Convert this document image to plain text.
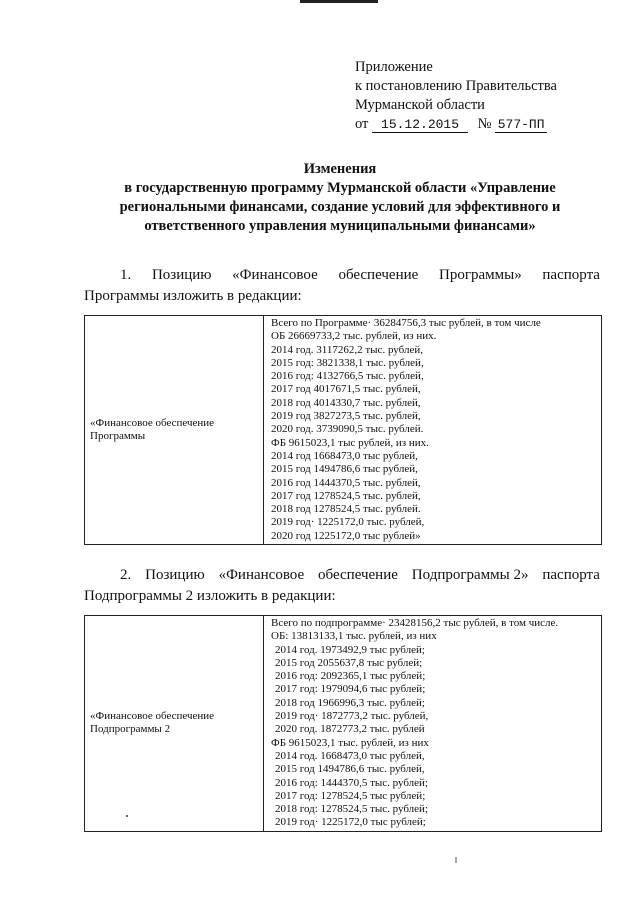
Приложение
к постановлению Правительства
Мурманской области
от 15.12.2015 № 577-ПП
Изменения
в государственную программу Мурманской области «Управление
региональными финансами, создание условий для эффективного и
ответственного управления муниципальными финансами»
1. Позицию «Финансовое обеспечение Программы» паспорта
Программы изложить в редакции:
«Финансовое обеспечение
Программы

Всего по Программе· 36284756,3 тыс рублей, в том числе
ОБ 26669733,2 тыс. рублей, из них.
2014 год. 3117262,2 тыс. рублей,
2015 год: 3821338,1 тыс. рублей,
2016 год: 4132766,5 тыс. рублей,
2017 год 4017671,5 тыс. рублей,
2018 год 4014330,7 тыс. рублей,
2019 год 3827273,5 тыс. рублей,
2020 год. 3739090,5 тыс. рублей.
ФБ 9615023,1 тыс рублей, из них.
2014 год 1668473,0 тыс рублей,
2015 год 1494786,6 тыс рублей,
2016 год 1444370,5 тыс. рублей,
2017 год 1278524,5 тыс. рублей,
2018 год 1278524,5 тыс. рублей.
2019 год· 1225172,0 тыс. рублей,
2020 год 1225172,0 тыс рублей»
2. Позицию «Финансовое обеспечение Подпрограммы 2» паспорта
Подпрограммы 2 изложить в редакции:
«Финансовое обеспечение
Подпрограммы 2

Всего по подпрограмме· 23428156,2 тыс рублей, в том числе.
ОБ: 13813133,1 тыс. рублей, из них
2014 год. 1973492,9 тыс рублей;
2015 год 2055637,8 тыс рублей;
2016 год: 2092365,1 тыс рублей;
2017 год: 1979094,6 тыс рублей;
2018 год 1966996,3 тыс. рублей;
2019 год· 1872773,2 тыс. рублей,
2020 год. 1872773,2 тыс. рублей
ФБ 9615023,1 тыс. рублей, из них
2014 год. 1668473,0 тыс рублей,
2015 год 1494786,6 тыс. рублей,
2016 год: 1444370,5 тыс. рублей;
2017 год: 1278524,5 тыс рублей;
2018 год: 1278524,5 тыс. рублей;
2019 год· 1225172,0 тыс рублей;
